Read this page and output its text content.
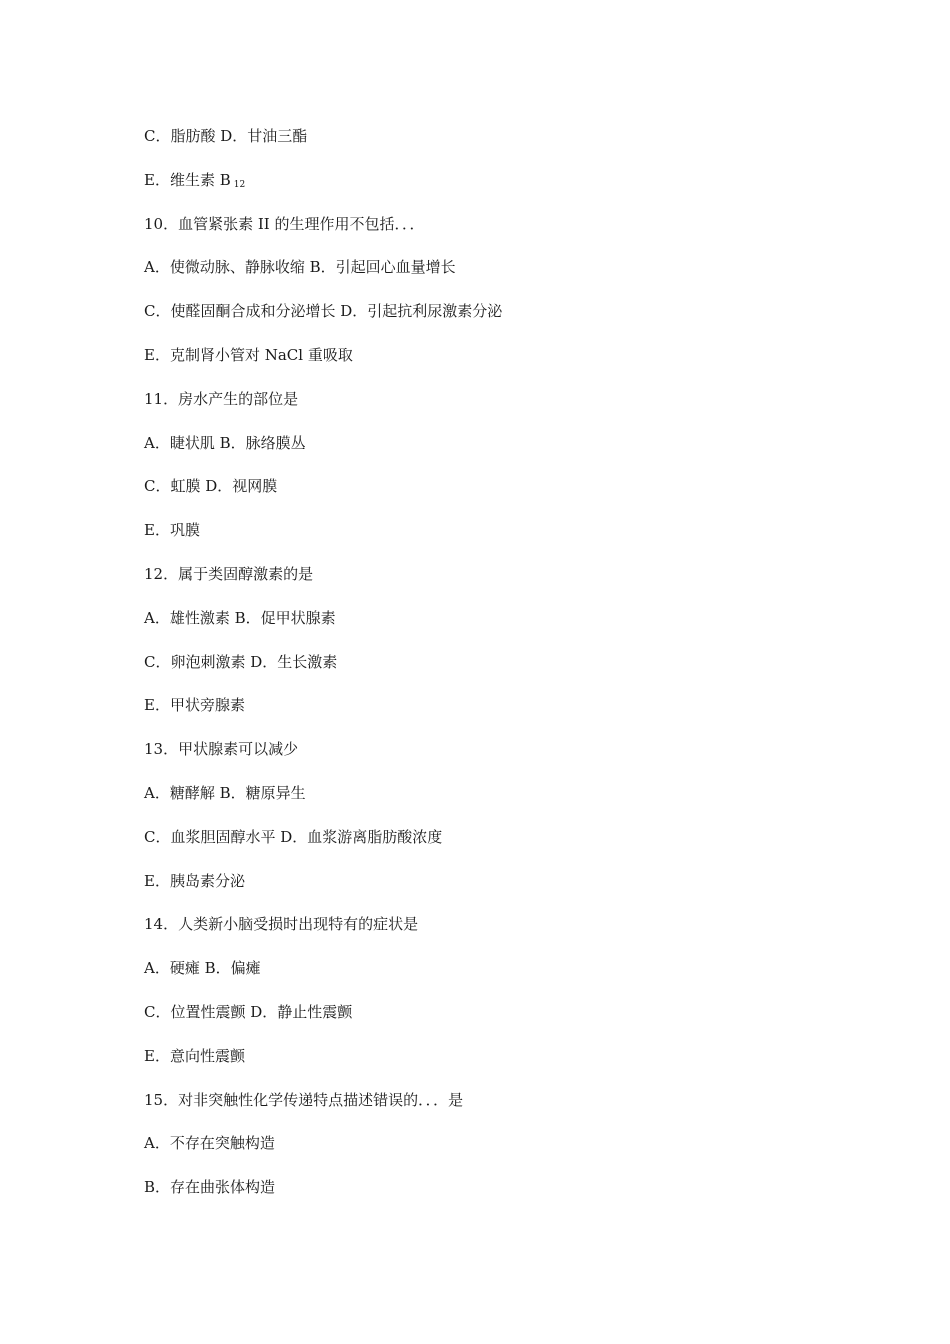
C．脂肪酸 D．甘油三酯
E．维生素 B $_{12}$
10．血管紧张素 II 的生理作用不包括．．．
A．使微动脉、静脉收缩 B．引起回心血量增长
C．使醛固酮合成和分泌增长 D．引起抗利尿激素分泌
E．克制肾小管对 NaCl 重吸取
11．房水产生的部位是
A．睫状肌 B．脉络膜丛
C．虹膜 D．视网膜
E．巩膜
12．属于类固醇激素的是
A．雄性激素 B．促甲状腺素
C．卵泡刺激素 D．生长激素
E．甲状旁腺素
13．甲状腺素可以减少
A．糖酵解 B．糖原异生
C．血浆胆固醇水平 D．血浆游离脂肪酸浓度
E．胰岛素分泌
14．人类新小脑受损时出现特有的症状是
A．硬瘫 B．偏瘫
C．位置性震颤 D．静止性震颤
E．意向性震颤
15．对非突触性化学传递特点描述错误的．．．是
A．不存在突触构造
B．存在曲张体构造
